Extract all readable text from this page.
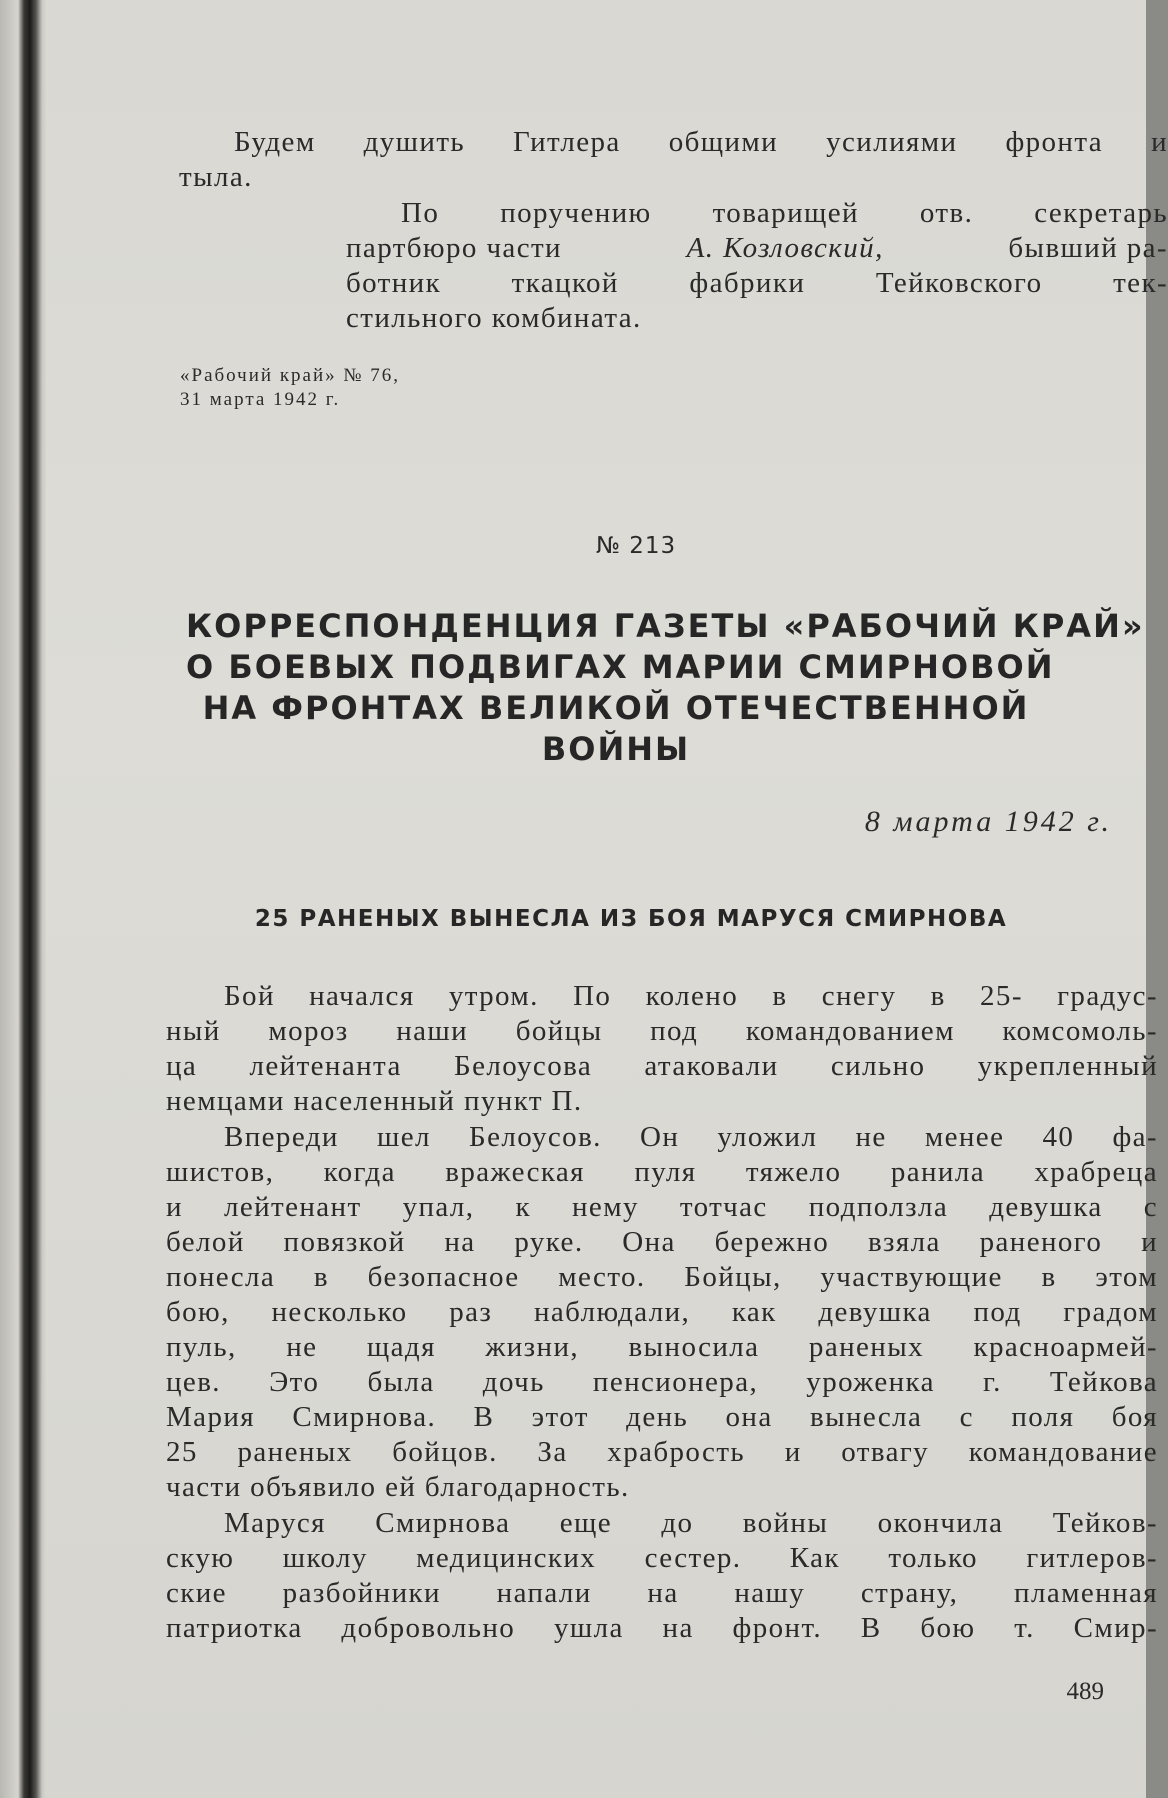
Будем душить Гитлера общими усилиями фронта и
тыла.
По поручению товарищей отв. секретарь
партбюро части	А. Козловский,	бывший ра-
ботник ткацкой фабрики Тейковского тек-
стильного комбината.
«Рабочий край» № 76,
31 марта 1942 г.
№ 213
КОРРЕСПОНДЕНЦИЯ ГАЗЕТЫ «РАБОЧИЙ КРАЙ»
О БОЕВЫХ ПОДВИГАХ МАРИИ СМИРНОВОЙ
НА ФРОНТАХ ВЕЛИКОЙ ОТЕЧЕСТВЕННОЙ
ВОЙНЫ
8 марта 1942 г.
25 РАНЕНЫХ ВЫНЕСЛА ИЗ БОЯ МАРУСЯ СМИРНОВА
Бой начался утром. По колено в снегу в 25- градус-
ный мороз наши бойцы под командованием комсомоль-
ца лейтенанта Белоусова атаковали сильно укрепленный
немцами населенный пункт П.
Впереди шел Белоусов. Он уложил не менее 40 фа-
шистов, когда вражеская пуля тяжело ранила храбреца
и лейтенант упал, к нему тотчас подползла девушка с
белой повязкой на руке. Она бережно взяла раненого и
понесла в безопасное место. Бойцы, участвующие в этом
бою, несколько раз наблюдали, как девушка под градом
пуль, не щадя жизни, выносила раненых красноармей-
цев. Это была дочь пенсионера, уроженка г. Тейкова
Мария Смирнова. В этот день она вынесла с поля боя
25 раненых бойцов. За храбрость и отвагу командование
части объявило ей благодарность.
Маруся Смирнова еще до войны окончила Тейков-
скую школу медицинских сестер. Как только гитлеров-
ские разбойники напали на нашу страну, пламенная
патриотка добровольно ушла на фронт. В бою т. Смир-
489
